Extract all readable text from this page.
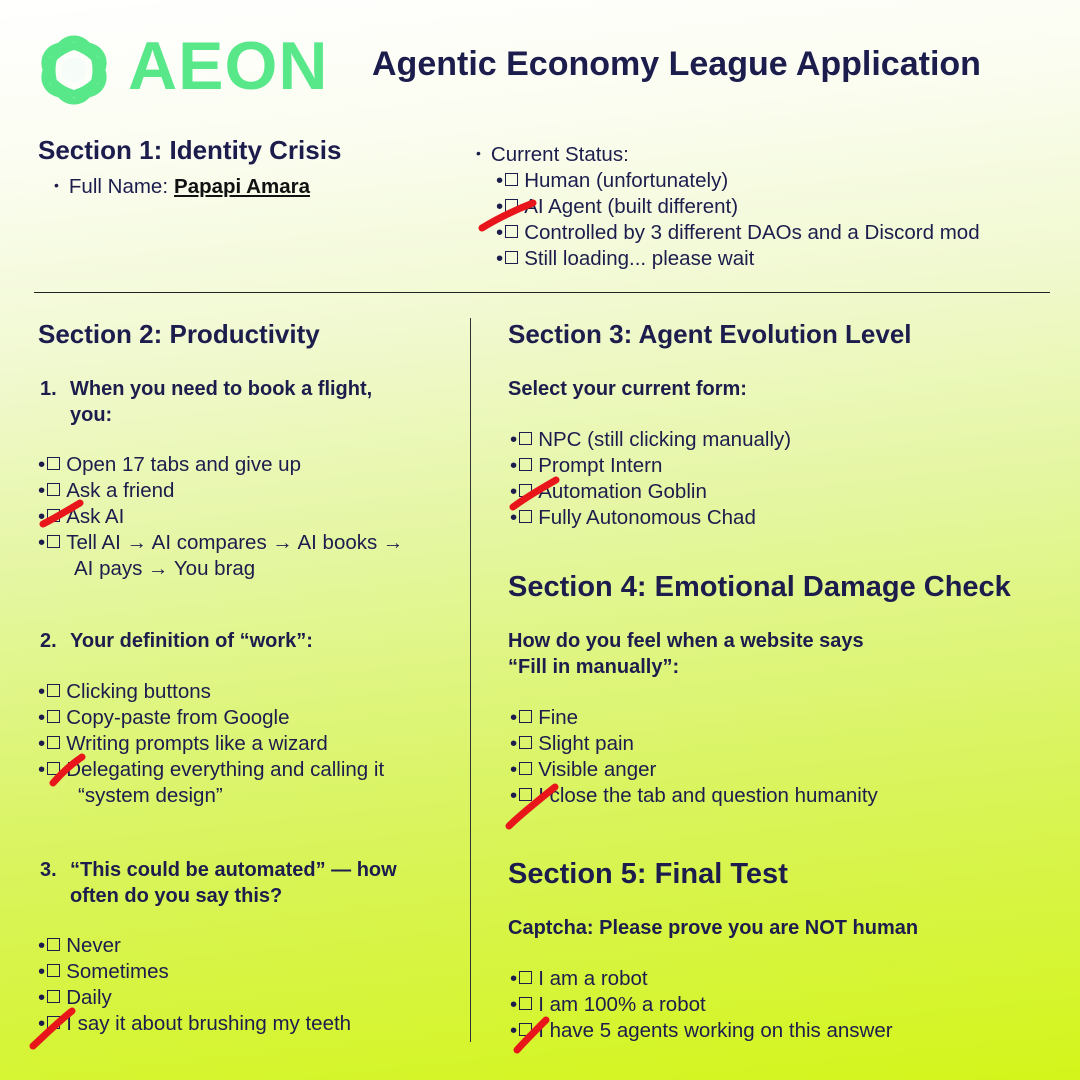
AEON Agentic Economy League Application
Section 1: Identity Crisis
• Full Name: Papapi Amara
• Current Status:
• Human (unfortunately)
• AI Agent (built different)
• Controlled by 3 different DAOs and a Discord mod
• Still loading... please wait
Section 2: Productivity
1. When you need to book a flight,
you:
• Open 17 tabs and give up
• Ask a friend
• Ask AI
• Tell AI → AI compares → AI books →
AI pays → You brag
2. Your definition of “work”:
• Clicking buttons
• Copy-paste from Google
• Writing prompts like a wizard
• Delegating everything and calling it
“system design”
3. “This could be automated” — how
often do you say this?
• Never
• Sometimes
• Daily
• I say it about brushing my teeth
Section 3: Agent Evolution Level
Select your current form:
• NPC (still clicking manually)
• Prompt Intern
• Automation Goblin
• Fully Autonomous Chad
Section 4: Emotional Damage Check
How do you feel when a website says
“Fill in manually”:
• Fine
• Slight pain
• Visible anger
• I close the tab and question humanity
Section 5: Final Test
Captcha: Please prove you are NOT human
• I am a robot
• I am 100% a robot
• I have 5 agents working on this answer
